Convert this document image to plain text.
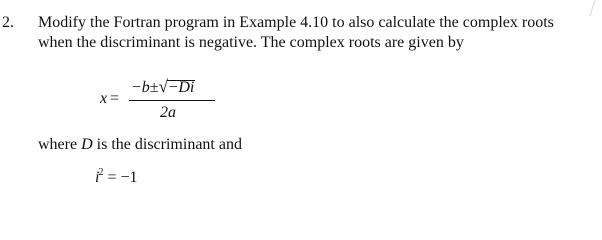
2. Modify the Fortran program in Example 4.10 to also calculate the complex roots
when the discriminant is negative. The complex roots are given by
x =
−b± √ −Di
2a
where D is the discriminant and
$i^2 = -1$
